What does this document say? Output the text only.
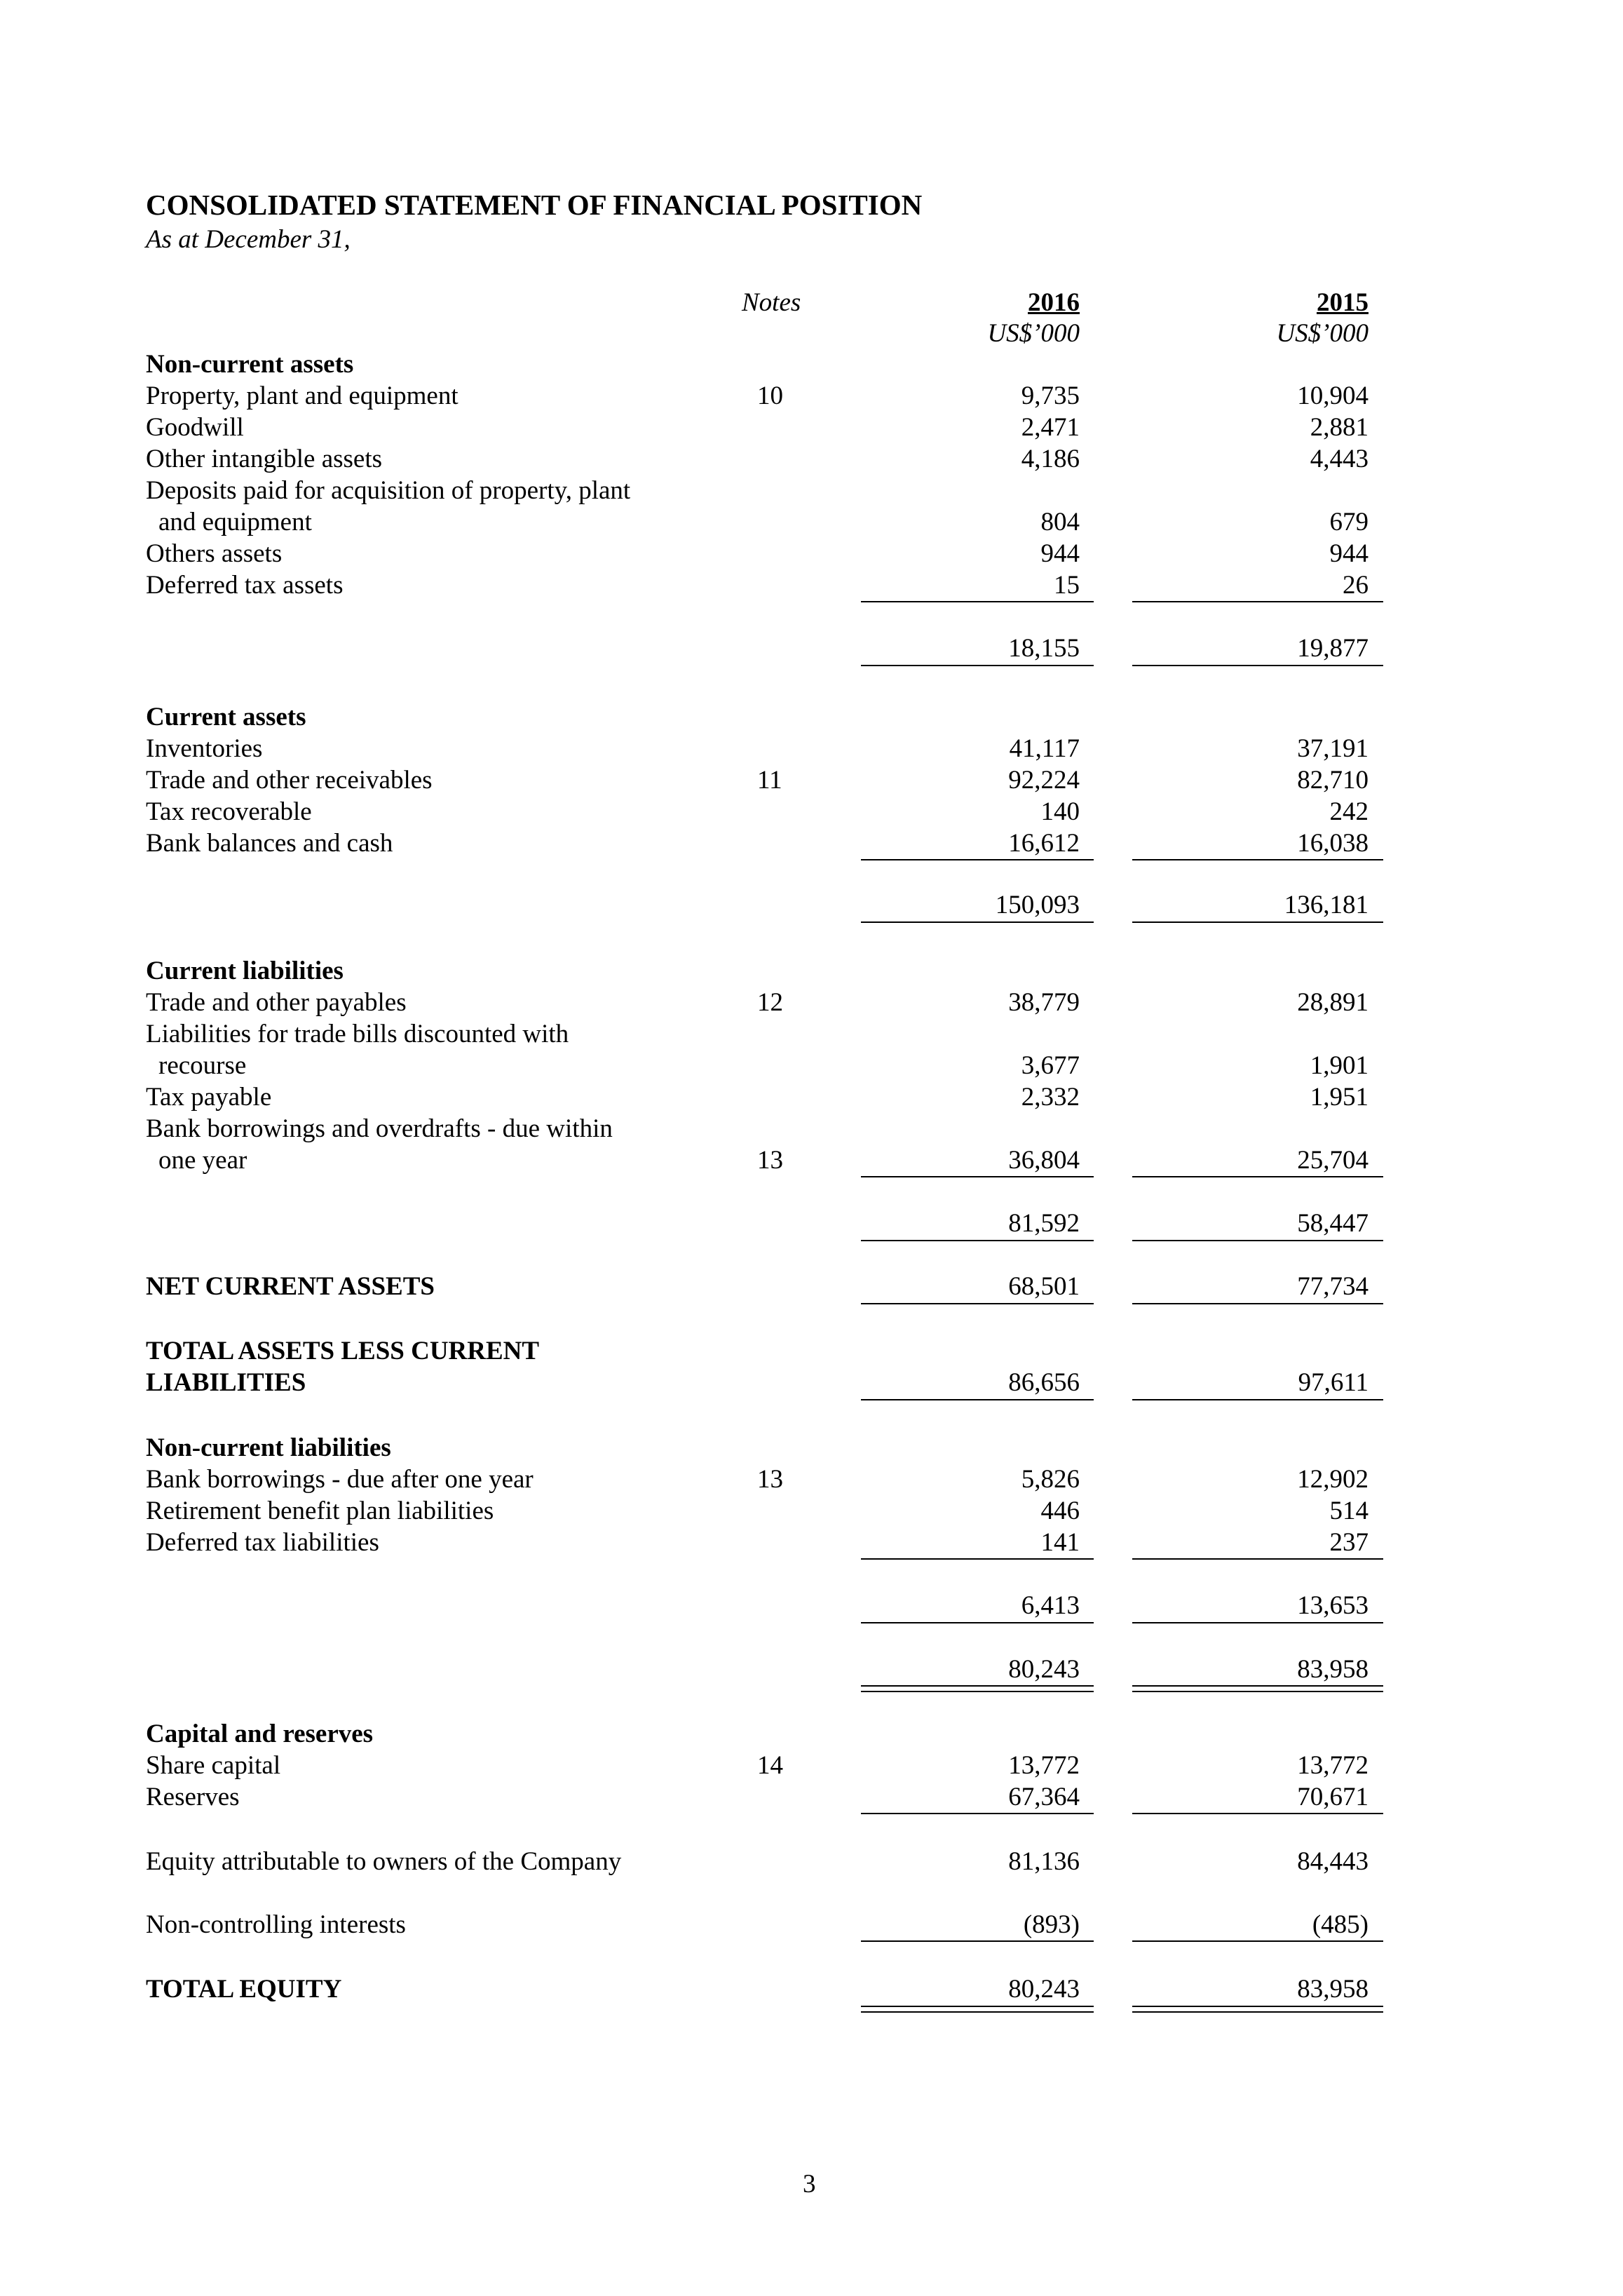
CONSOLIDATED STATEMENT OF FINANCIAL POSITION
As at December 31,
Notes	2016	2015
US$’000	US$’000
Non-current assets
Property, plant and equipment	10	9,735	10,904
Goodwill	2,471	2,881
Other intangible assets	4,186	4,443
Deposits paid for acquisition of property, plant
and equipment	804	679
Others assets	944	944
Deferred tax assets	15	26
18,155	19,877
Current assets
Inventories	41,117	37,191
Trade and other receivables	11	92,224	82,710
Tax recoverable	140	242
Bank balances and cash	16,612	16,038
150,093	136,181
Current liabilities
Trade and other payables	12	38,779	28,891
Liabilities for trade bills discounted with
recourse	3,677	1,901
Tax payable	2,332	1,951
Bank borrowings and overdrafts - due within
one year	13	36,804	25,704
81,592	58,447
NET CURRENT ASSETS	68,501	77,734
TOTAL ASSETS LESS CURRENT
LIABILITIES	86,656	97,611
Non-current liabilities
Bank borrowings - due after one year	13	5,826	12,902
Retirement benefit plan liabilities	446	514
Deferred tax liabilities	141	237
6,413	13,653
80,243	83,958
Capital and reserves
Share capital	14	13,772	13,772
Reserves	67,364	70,671
Equity attributable to owners of the Company	81,136	84,443
Non-controlling interests	(893)	(485)
TOTAL EQUITY	80,243	83,958
3
